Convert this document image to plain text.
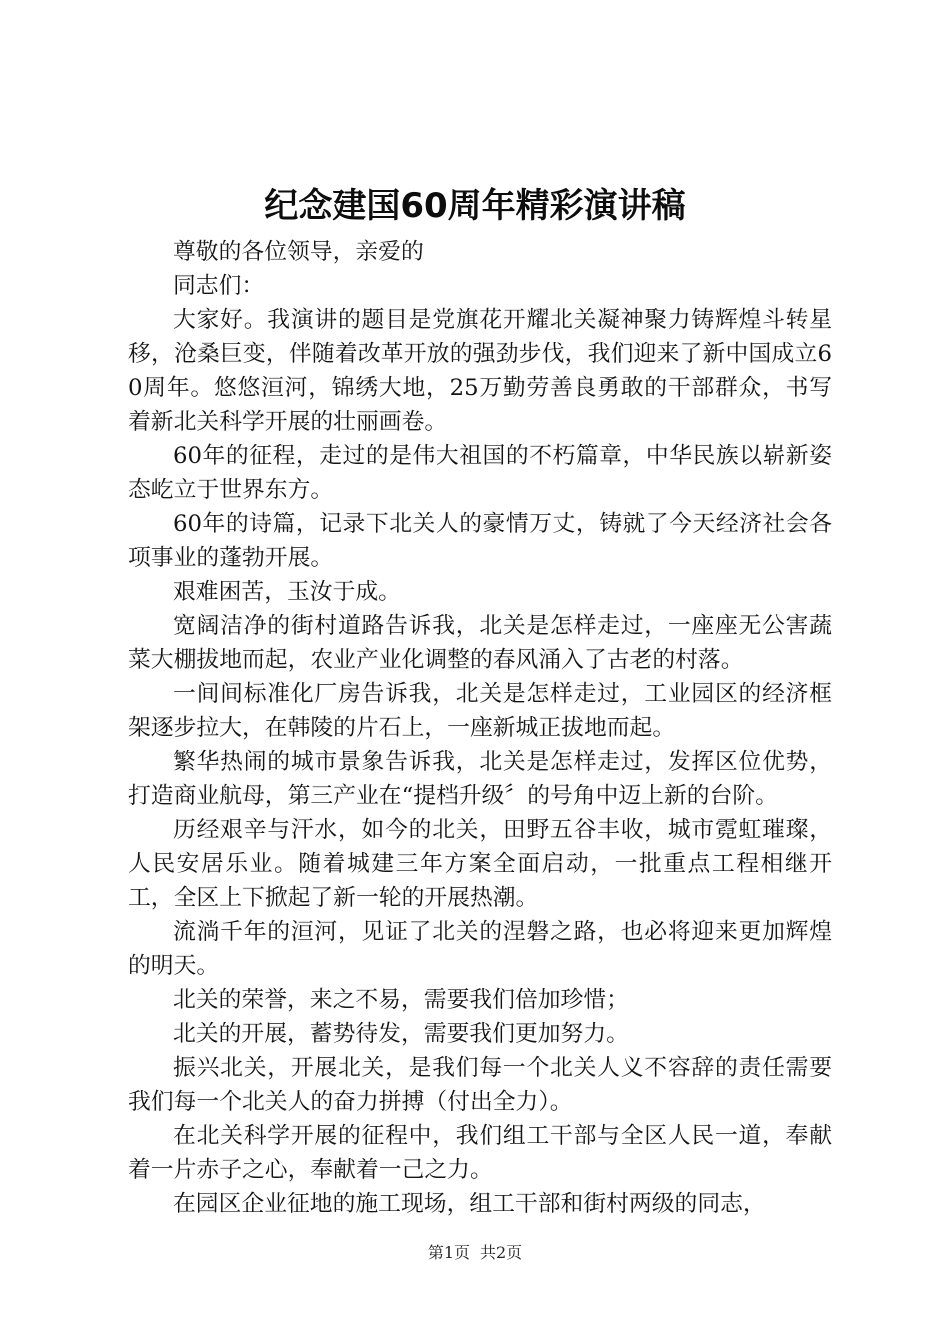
纪念建国60周年精彩演讲稿

尊敬的各位领导，亲爱的

同志们：

大家好。我演讲的题目是党旗花开耀北关凝神聚力铸辉煌斗转星移，沧桑巨变，伴随着改革开放的强劲步伐，我们迎来了新中国成立60周年。悠悠洹河，锦绣大地，25万勤劳善良勇敢的干部群众，书写着新北关科学开展的壮丽画卷。

60年的征程，走过的是伟大祖国的不朽篇章，中华民族以崭新姿态屹立于世界东方。

60年的诗篇，记录下北关人的豪情万丈，铸就了今天经济社会各项事业的蓬勃开展。

艰难困苦，玉汝于成。

宽阔洁净的街村道路告诉我，北关是怎样走过，一座座无公害蔬菜大棚拔地而起，农业产业化调整的春风涌入了古老的村落。

一间间标准化厂房告诉我，北关是怎样走过，工业园区的经济框架逐步拉大，在韩陵的片石上，一座新城正拔地而起。

繁华热闹的城市景象告诉我，北关是怎样走过，发挥区位优势，打造商业航母，第三产业在“提档升级〞的号角中迈上新的台阶。

历经艰辛与汗水，如今的北关，田野五谷丰收，城市霓虹璀璨，人民安居乐业。随着城建三年方案全面启动，一批重点工程相继开工，全区上下掀起了新一轮的开展热潮。

流淌千年的洹河，见证了北关的涅磐之路，也必将迎来更加辉煌的明天。

北关的荣誉，来之不易，需要我们倍加珍惜；

北关的开展，蓄势待发，需要我们更加努力。

振兴北关，开展北关，是我们每一个北关人义不容辞的责任需要我们每一个北关人的奋力拼搏（付出全力）。

在北关科学开展的征程中，我们组工干部与全区人民一道，奉献着一片赤子之心，奉献着一己之力。

在园区企业征地的施工现场，组工干部和街村两级的同志，

第1页 共2页
